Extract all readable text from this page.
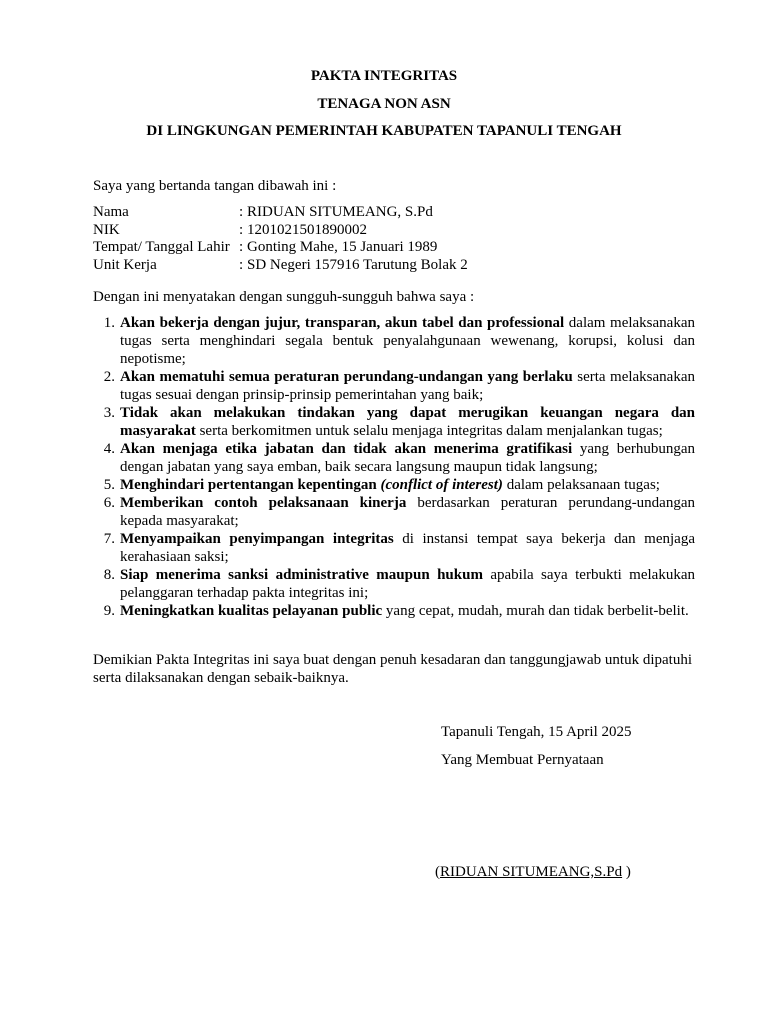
PAKTA INTEGRITAS
TENAGA NON ASN
DI LINGKUNGAN PEMERINTAH KABUPATEN TAPANULI TENGAH
Saya yang bertanda tangan dibawah ini :
Nama	: RIDUAN SITUMEANG, S.Pd
NIK	: 1201021501890002
Tempat/ Tanggal Lahir : Gonting Mahe, 15 Januari 1989
Unit Kerja	: SD Negeri 157916 Tarutung Bolak 2
Dengan ini menyatakan dengan sungguh-sungguh bahwa saya :
1. Akan bekerja dengan jujur, transparan, akun tabel dan professional dalam melaksanakan tugas serta menghindari segala bentuk penyalahgunaan wewenang, korupsi, kolusi dan nepotisme;
2. Akan mematuhi semua peraturan perundang-undangan yang berlaku serta melaksanakan tugas sesuai dengan prinsip-prinsip pemerintahan yang baik;
3. Tidak akan melakukan tindakan yang dapat merugikan keuangan negara dan masyarakat serta berkomitmen untuk selalu menjaga integritas dalam menjalankan tugas;
4. Akan menjaga etika jabatan dan tidak akan menerima gratifikasi yang berhubungan dengan jabatan yang saya emban, baik secara langsung maupun tidak langsung;
5. Menghindari pertentangan kepentingan (conflict of interest) dalam pelaksanaan tugas;
6. Memberikan contoh pelaksanaan kinerja berdasarkan peraturan perundang-undangan kepada masyarakat;
7. Menyampaikan penyimpangan integritas di instansi tempat saya bekerja dan menjaga kerahasiaan saksi;
8. Siap menerima sanksi administrative maupun hukum apabila saya terbukti melakukan pelanggaran terhadap pakta integritas ini;
9. Meningkatkan kualitas pelayanan public yang cepat, mudah, murah dan tidak berbelit-belit.
Demikian Pakta Integritas ini saya buat dengan penuh kesadaran dan tanggungjawab untuk dipatuhi serta dilaksanakan dengan sebaik-baiknya.
Tapanuli Tengah, 15 April 2025
Yang Membuat Pernyataan
(RIDUAN SITUMEANG,S.Pd )
